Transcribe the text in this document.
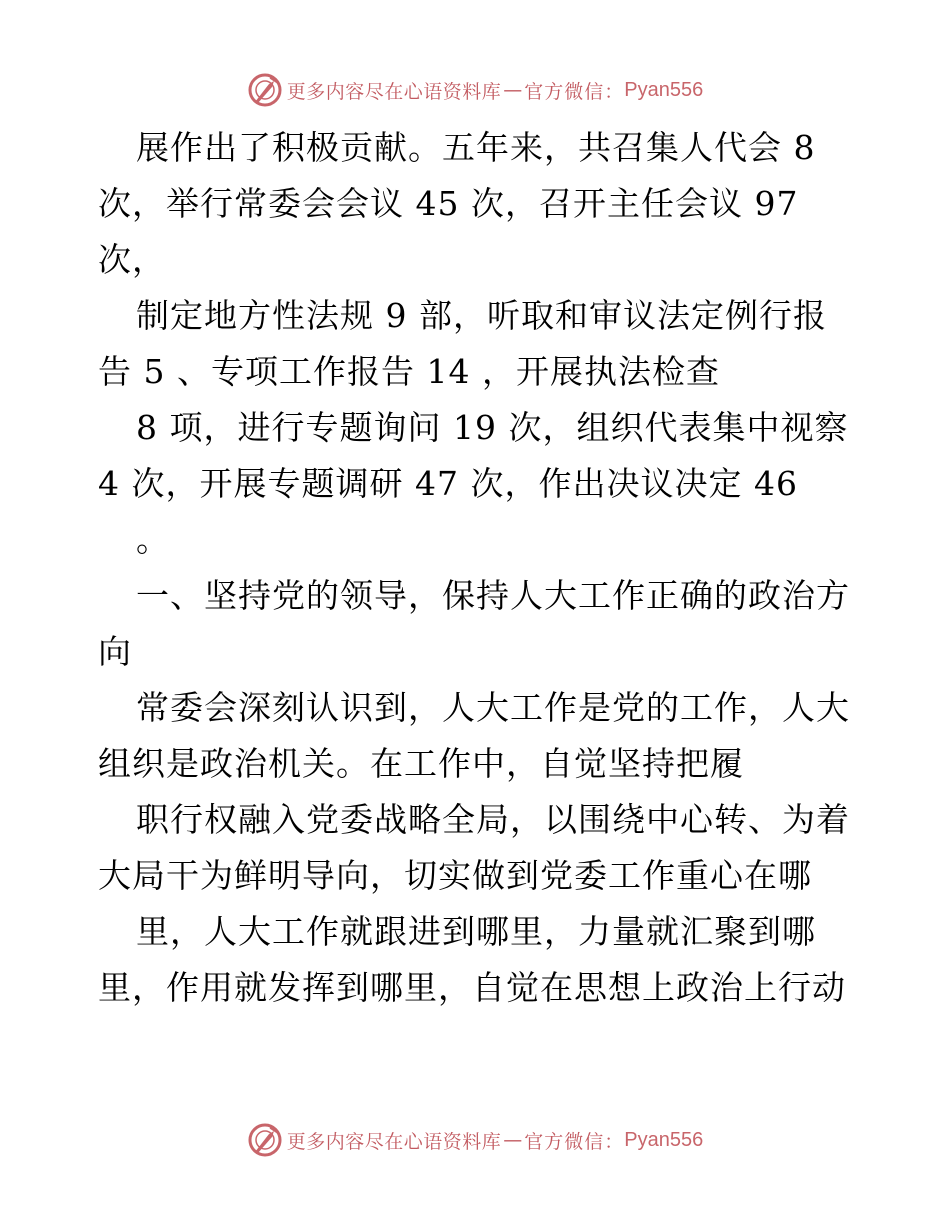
更多内容尽在心语资料库 — 官方微信： Pyan556
展作出了积极贡献。五年来，共召集人代会 8
次，举行常委会会议 45 次，召开主任会议 97
次，
制定地方性法规 9 部，听取和审议法定例行报
告 5 、专项工作报告 14 ，开展执法检查
8 项，进行专题询问 19 次，组织代表集中视察
4 次，开展专题调研 47 次，作出决议决定 46
。
一、坚持党的领导，保持人大工作正确的政治方
向
常委会深刻认识到，人大工作是党的工作，人大
组织是政治机关。在工作中，自觉坚持把履
职行权融入党委战略全局，以围绕中心转、为着
大局干为鲜明导向，切实做到党委工作重心在哪
里，人大工作就跟进到哪里，力量就汇聚到哪
里，作用就发挥到哪里，自觉在思想上政治上行动
更多内容尽在心语资料库 — 官方微信： Pyan556
